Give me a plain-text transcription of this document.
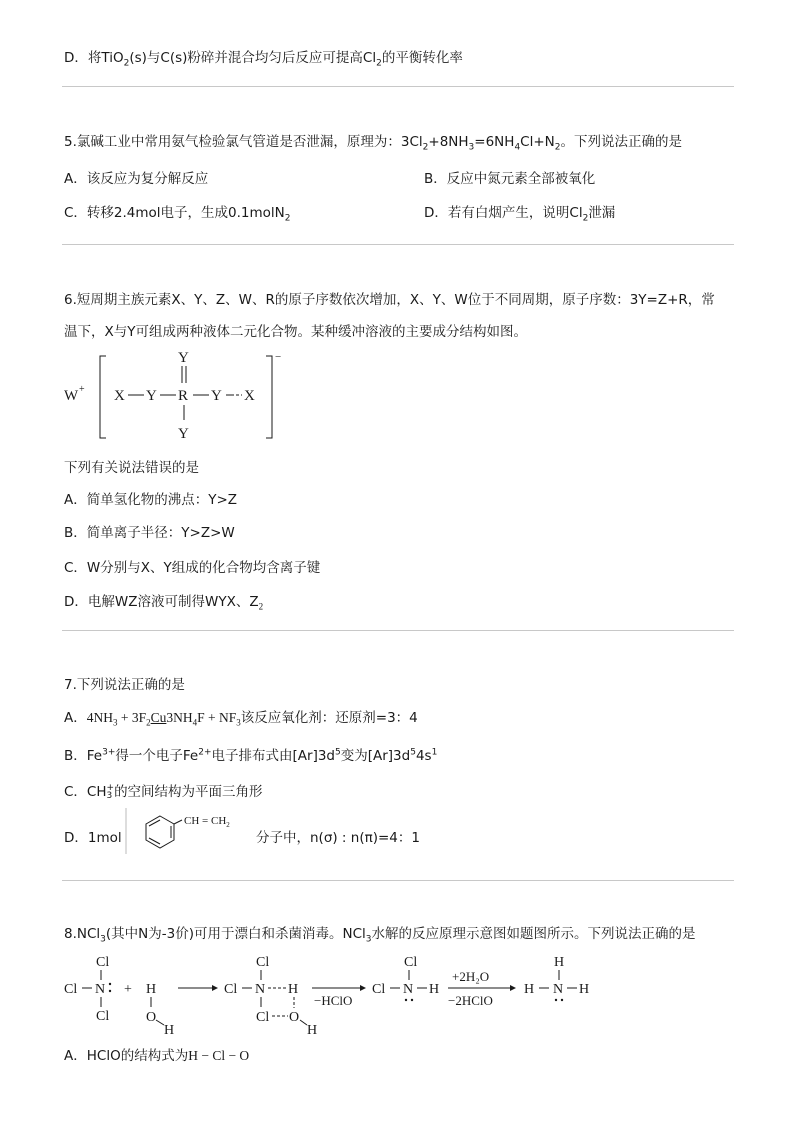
D．将TiO$_2$(s)与C(s)粉碎并混合均匀后反应可提高$Cl_2$的平衡转化率
5.氯碱工业中常用氨气检验氯气管道是否泄漏，原理为：$3Cl_2+8NH_3=6NH_4Cl+N_2$。下列说法正确的是
A．该反应为复分解反应	B．反应中氮元素全部被氧化
C．转移2.4mol电子，生成0.1molN$_2$	D．若有白烟产生，说明$Cl_2$泄漏
6.短周期主族元素X、Y、Z、W、R的原子序数依次增加，X、Y、W位于不同周期，原子序数：3Y=Z+R，常
温下，X与Y可组成两种液体二元化合物。某种缓冲溶液的主要成分结构如图。
W + X Y R
Y
Y
Y X
−
下列有关说法错误的是
A．简单氢化物的沸点：Y>Z
B．简单离子半径：Y>Z>W
C．W分别与X、Y组成的化合物均含离子键
D．电解WZ溶液可制得WYX、$Z_2$
7.下列说法正确的是
A．$4NH_3 + 3F_2Cu3NH_4F + NF_3$该反应氧化剂：还原剂=3：4
B．$Fe^{3+}$得一个电子$Fe^{2+}$电子排布式由$[Ar]3d^5$变为$[Ar]3d^54s^1$
C．CH +
3 的空间结构为平面三角形
D．1mol
CH = $CH_2$
分子中，n(σ) : n(π)=4：1
8.NCl$_3$(其中N为-3价)可用于漂白和杀菌消毒。NCl$_3$水解的反应原理示意图如题图所示。下列说法正确的是
Cl
Cl N
Cl
+ H
O
H
Cl
Cl N H
Cl O
H
−HClO
Cl
Cl N H
+2H₂O
−2HClO
H
H N H
A．HClO的结构式为H − Cl − O
